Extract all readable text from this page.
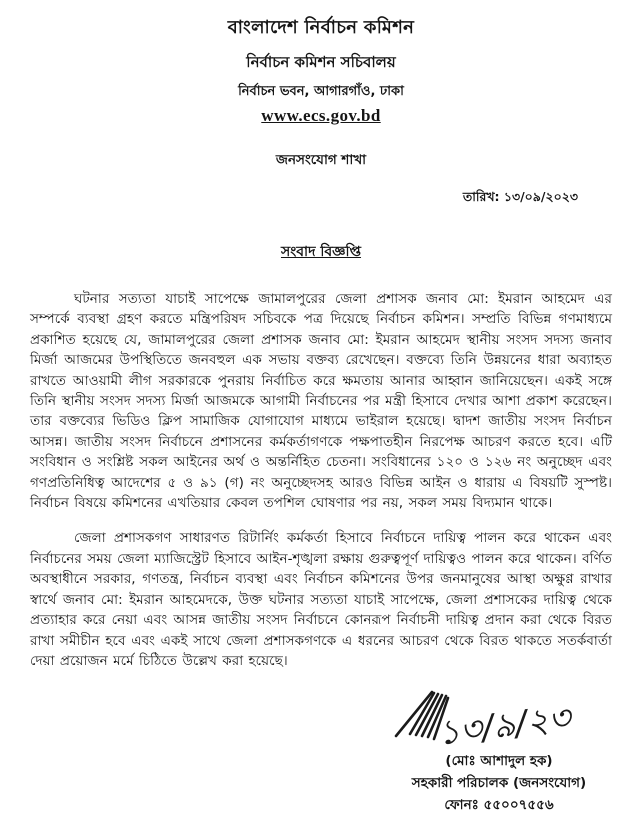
বাংলাদেশ নির্বাচন কমিশন
নির্বাচন কমিশন সচিবালয়
নির্বাচন ভবন, আগারগাঁও, ঢাকা
www.ecs.gov.bd
জনসংযোগ শাখা
তারিখ: ১৩/০৯/২০২৩
সংবাদ বিজ্ঞপ্তি

ঘটনার সত্যতা যাচাই সাপেক্ষে জামালপুরের জেলা প্রশাসক জনাব মো: ইমরান আহমেদ এর সম্পর্কে ব্যবস্থা গ্রহণ করতে মন্ত্রিপরিষদ সচিবকে পত্র দিয়েছে নির্বাচন কমিশন। সম্প্রতি বিভিন্ন গণমাধ্যমে প্রকাশিত হয়েছে যে, জামালপুরের জেলা প্রশাসক জনাব মো: ইমরান আহমেদ স্থানীয় সংসদ সদস্য জনাব মির্জা আজমের উপস্থিতিতে জনবহুল এক সভায় বক্তব্য রেখেছেন। বক্তব্যে তিনি উন্নয়নের ধারা অব্যাহত রাখতে আওয়ামী লীগ সরকারকে পুনরায় নির্বাচিত করে ক্ষমতায় আনার আহ্বান জানিয়েছেন। একই সঙ্গে তিনি স্থানীয় সংসদ সদস্য মির্জা আজমকে আগামী নির্বাচনের পর মন্ত্রী হিসাবে দেখার আশা প্রকাশ করেছেন। তার বক্তব্যের ভিডিও ক্লিপ সামাজিক যোগাযোগ মাধ্যমে ভাইরাল হয়েছে। দ্বাদশ জাতীয় সংসদ নির্বাচন আসন্ন। জাতীয় সংসদ নির্বাচনে প্রশাসনের কর্মকর্তাগণকে পক্ষপাতহীন নিরপেক্ষ আচরণ করতে হবে। এটি সংবিধান ও সংশ্লিষ্ট সকল আইনের অর্থ ও অন্তর্নিহিত চেতনা। সংবিধানের ১২০ ও ১২৬ নং অনুচ্ছেদ এবং গণপ্রতিনিধিত্ব আদেশের ৫ ও ৯১ (গ) নং অনুচ্ছেদসহ আরও বিভিন্ন আইন ও ধারায় এ বিষয়টি সুস্পষ্ট। নির্বাচন বিষয়ে কমিশনের এখতিয়ার কেবল তপশিল ঘোষণার পর নয়, সকল সময় বিদ্যমান থাকে।

জেলা প্রশাসকগণ সাধারণত রিটার্নিং কর্মকর্তা হিসাবে নির্বাচনে দায়িত্ব পালন করে থাকেন এবং নির্বাচনের সময় জেলা ম্যাজিস্ট্রেট হিসাবে আইন-শৃঙ্খলা রক্ষায় গুরুত্বপূর্ণ দায়িত্বও পালন করে থাকেন। বর্ণিত অবস্থাধীনে সরকার, গণতন্ত্র, নির্বাচন ব্যবস্থা এবং নির্বাচন কমিশনের উপর জনমানুষের আস্থা অক্ষুণ্ণ রাখার স্বার্থে জনাব মো: ইমরান আহমেদকে, উক্ত ঘটনার সত্যতা যাচাই সাপেক্ষে, জেলা প্রশাসকের দায়িত্ব থেকে প্রত্যাহার করে নেয়া এবং আসন্ন জাতীয় সংসদ নির্বাচনে কোনরূপ নির্বাচনী দায়িত্ব প্রদান করা থেকে বিরত রাখা সমীচীন হবে এবং একই সাথে জেলা প্রশাসকগণকে এ ধরনের আচরণ থেকে বিরত থাকতে সতর্কবার্তা দেয়া প্রয়োজন মর্মে চিঠিতে উল্লেখ করা হয়েছে।

১৩/৯/২৩
(মোঃ আশাদুল হক)
সহকারী পরিচালক (জনসংযোগ)
ফোনঃ ৫৫০০৭৫৫৬
